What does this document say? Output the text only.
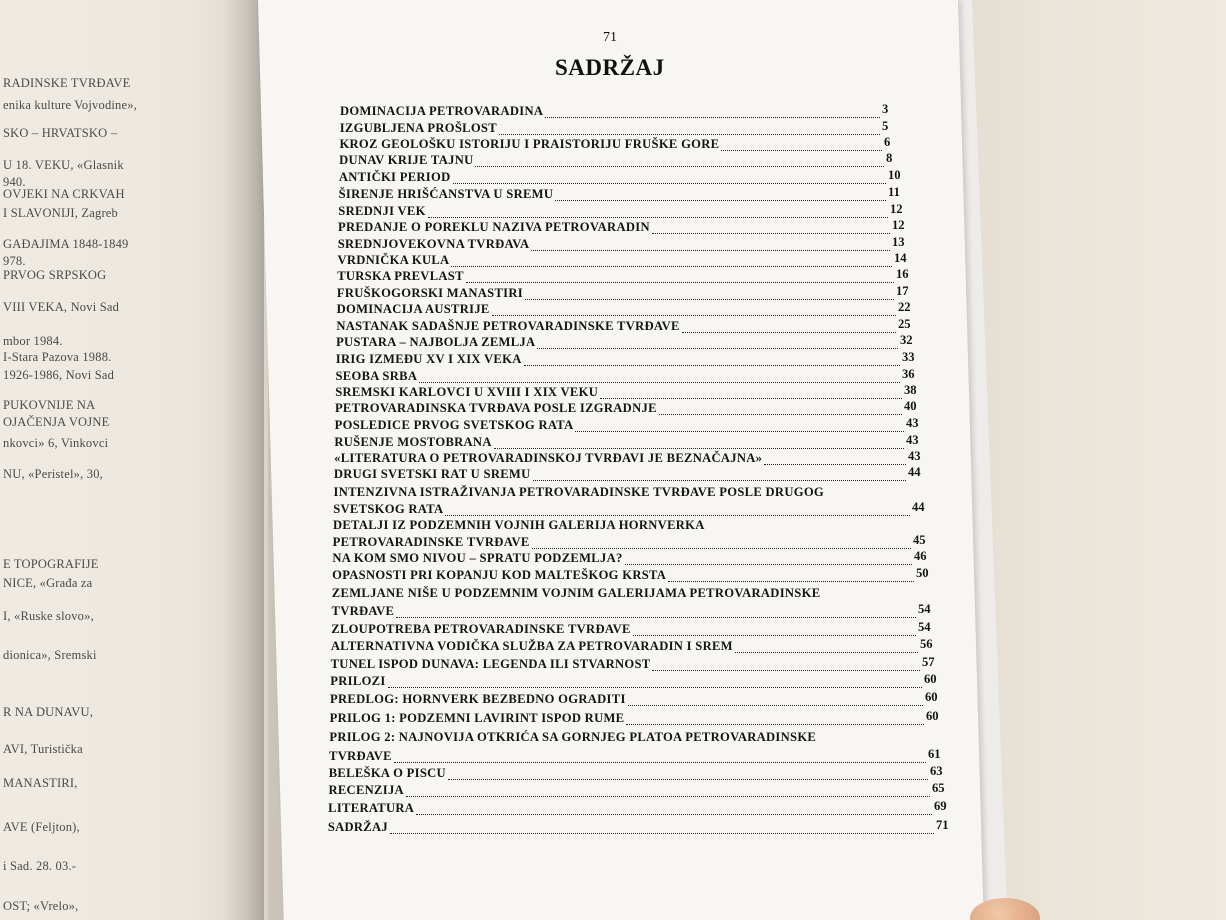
RADINSKE TVRĐAVE
enika kulture Vojvodine»,
SKO – HRVATSKO –
U 18. VEKU, «Glasnik
940.
OVJEKI NA CRKVAH
I SLAVONIJI, Zagreb
GAĐAJIMA 1848-1849
978.
PRVOG SRPSKOG
VIII VEKA, Novi Sad
mbor 1984.
I-Stara Pazova 1988.
1926-1986, Novi Sad
PUKOVNIJE NA
OJAČENJA VOJNE
nkovci» 6, Vinkovci
NU, «Peristel», 30,
E TOPOGRAFIJE
NICE, «Građa za
I, «Ruske slovo»,
dionica», Sremski
R NA DUNAVU,
AVI, Turistička
MANASTIRI,
AVE (Feljton),
i Sad. 28. 03.-
OST; «Vrelo»,
71
SADRŽAJ
DOMINACIJA PETROVARADINA	3
IZGUBLJENA PROŠLOST	5
KROZ GEOLOŠKU ISTORIJU I PRAISTORIJU FRUŠKE GORE	6
DUNAV KRIJE TAJNU	8
ANTIČKI PERIOD	10
ŠIRENJE HRIŠĆANSTVA U SREMU	11
SREDNJI VEK	12
PREDANJE O POREKLU NAZIVA PETROVARADIN	12
SREDNJOVEKOVNA TVRĐAVA	13
VRDNIČKA KULA	14
TURSKA PREVLAST	16
FRUŠKOGORSKI MANASTIRI	17
DOMINACIJA AUSTRIJE	22
NASTANAK SADAŠNJE PETROVARADINSKE TVRĐAVE	25
PUSTARA – NAJBOLJA ZEMLJA	32
IRIG IZMEĐU XV I XIX VEKA	33
SEOBA SRBA	36
SREMSKI KARLOVCI U XVIII I XIX VEKU	38
PETROVARADINSKA TVRĐAVA POSLE IZGRADNJE	40
POSLEDICE PRVOG SVETSKOG RATA	43
RUŠENJE MOSTOBRANA	43
«LITERATURA O PETROVARADINSKOJ TVRĐAVI JE BEZNAČAJNA»	43
DRUGI SVETSKI RAT U SREMU	44
INTENZIVNA ISTRAŽIVANJA PETROVARADINSKE TVRĐAVE POSLE DRUGOG
SVETSKOG RATA	44
DETALJI IZ PODZEMNIH VOJNIH GALERIJA HORNVERKA
PETROVARADINSKE TVRĐAVE	45
NA KOM SMO NIVOU – SPRATU PODZEMLJA?	46
OPASNOSTI PRI KOPANJU KOD MALTEŠKOG KRSTA	50
ZEMLJANE NIŠE U PODZEMNIM VOJNIM GALERIJAMA PETROVARADINSKE
TVRĐAVE	54
ZLOUPOTREBA PETROVARADINSKE TVRĐAVE	54
ALTERNATIVNA VODIČKA SLUŽBA ZA PETROVARADIN I SREM	56
TUNEL ISPOD DUNAVA: LEGENDA ILI STVARNOST	57
PRILOZI	60
PREDLOG: HORNVERK BEZBEDNO OGRADITI	60
PRILOG 1: PODZEMNI LAVIRINT ISPOD RUME	60
PRILOG 2: NAJNOVIJA OTKRIĆA SA GORNJEG PLATOA PETROVARADINSKE
TVRĐAVE	61
BELEŠKA O PISCU	63
RECENZIJA	65
LITERATURA	69
SADRŽAJ	71
